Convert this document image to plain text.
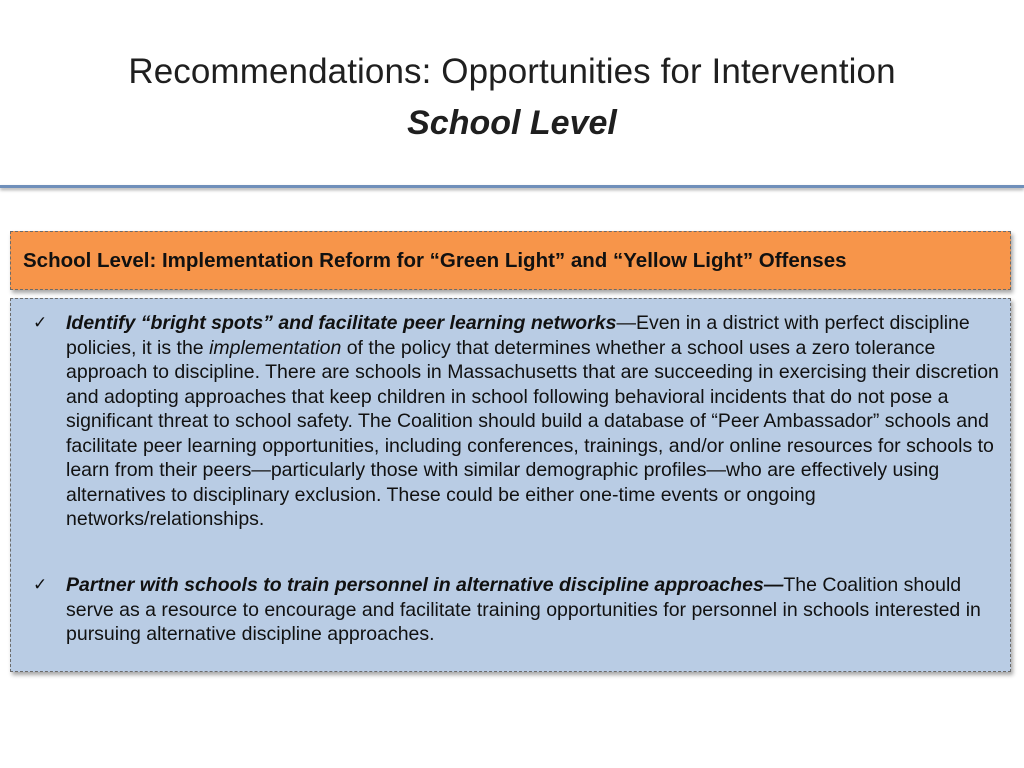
Recommendations: Opportunities for Intervention
School Level
School Level: Implementation Reform for “Green Light” and “Yellow Light” Offenses
✓ Identify “bright spots” and facilitate peer learning networks—Even in a district with perfect discipline policies, it is the implementation of the policy that determines whether a school uses a zero tolerance approach to discipline. There are schools in Massachusetts that are succeeding in exercising their discretion and adopting approaches that keep children in school following behavioral incidents that do not pose a significant threat to school safety. The Coalition should build a database of “Peer Ambassador” schools and facilitate peer learning opportunities, including conferences, trainings, and/or online resources for schools to learn from their peers—particularly those with similar demographic profiles—who are effectively using alternatives to disciplinary exclusion. These could be either one-time events or ongoing networks/relationships.
✓ Partner with schools to train personnel in alternative discipline approaches—The Coalition should serve as a resource to encourage and facilitate training opportunities for personnel in schools interested in pursuing alternative discipline approaches.
